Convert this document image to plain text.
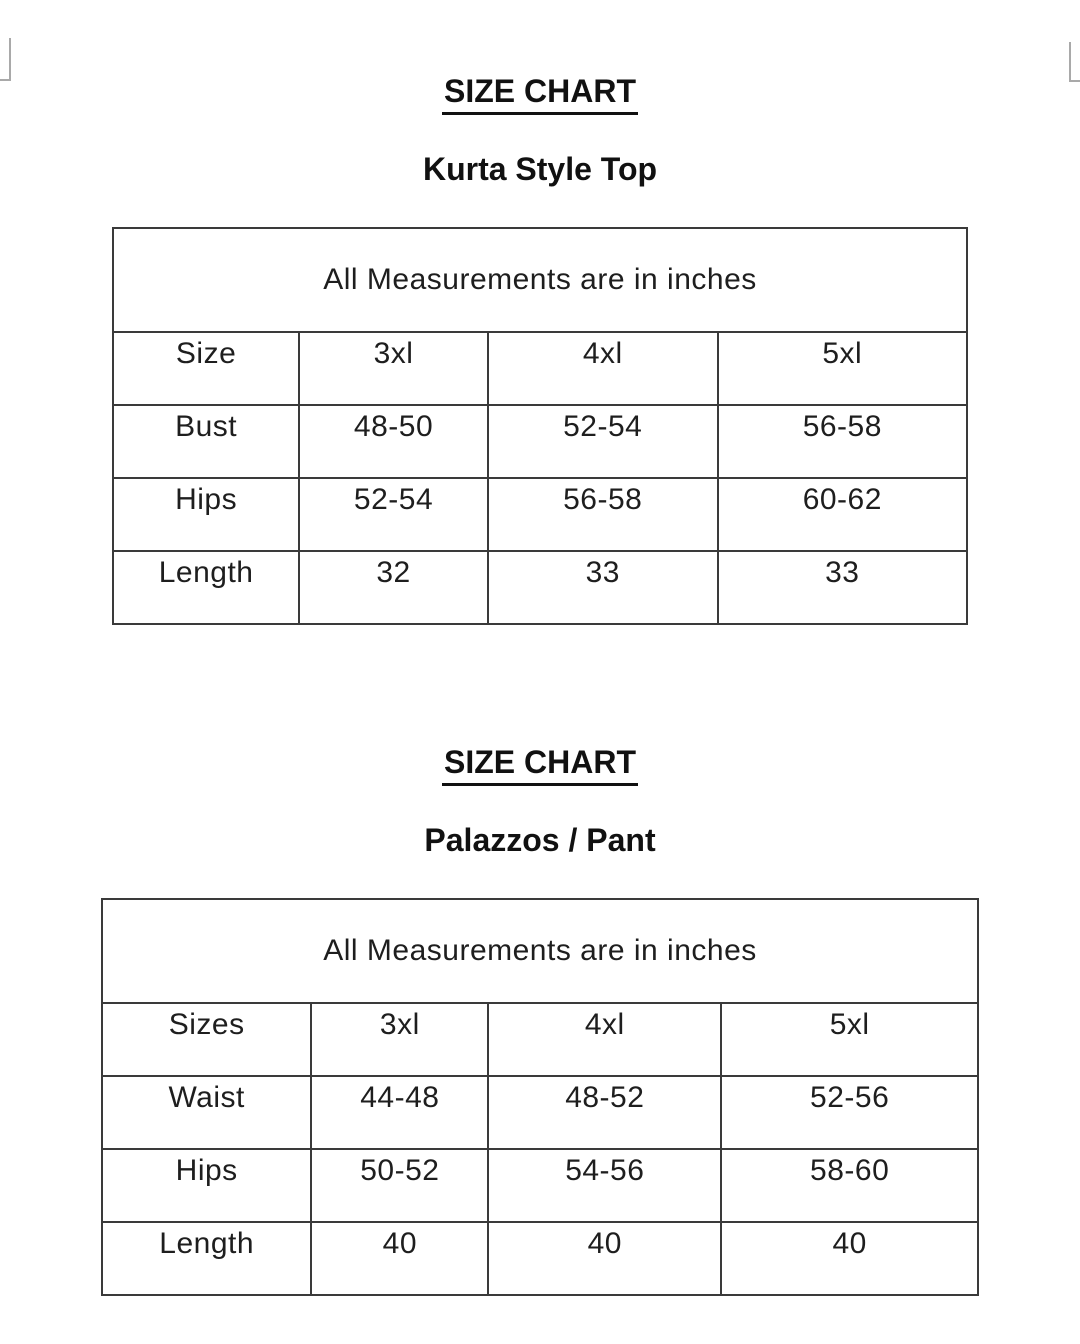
SIZE CHART
Kurta Style Top
All Measurements are in inches			
Size	3xl	4xl	5xl
Bust	48-50	52-54	56-58
Hips	52-54	56-58	60-62
Length	32	33	33
SIZE CHART
Palazzos / Pant
All Measurements are in inches			
Sizes	3xl	4xl	5xl
Waist	44-48	48-52	52-56
Hips	50-52	54-56	58-60
Length	40	40	40
